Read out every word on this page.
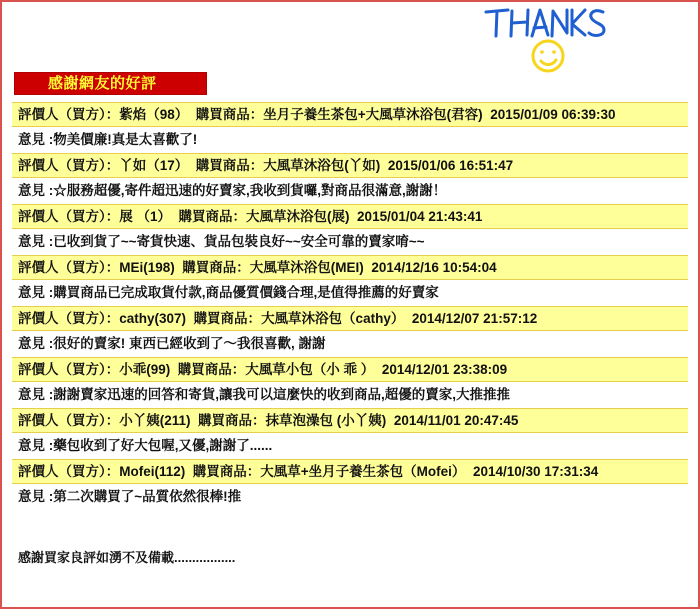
感謝網友的好評
評價人（買方）：紫焰（98） 購買商品：坐月子養生茶包+大風草沐浴包(君容) 2015/01/09 06:39:30
意見 :物美價廉!真是太喜歡了!
評價人（買方）：丫如（17） 購買商品：大風草沐浴包(丫如) 2015/01/06 16:51:47
意見 :☆服務超優,寄件超迅速的好賣家,我收到貨囉,對商品很滿意,謝謝！
評價人（買方）：展 （1） 購買商品：大風草沐浴包(展) 2015/01/04 21:43:41
意見 :已收到貨了~~寄貨快速、貨品包裝良好~~安全可靠的賣家唷~~
評價人（買方）：MEi(198) 購買商品：大風草沐浴包(MEI) 2014/12/16 10:54:04
意見 :購買商品已完成取貨付款,商品優質價錢合理,是值得推薦的好賣家
評價人（買方）：cathy(307) 購買商品：大風草沐浴包（cathy） 2014/12/07 21:57:12
意見 :很好的賣家! 東西已經收到了～我很喜歡, 謝謝
評價人（買方）：小乖(99) 購買商品：大風草小包（小 乖 ） 2014/12/01 23:38:09
意見 :謝謝賣家迅速的回答和寄貨,讓我可以這麼快的收到商品,超優的賣家,大推推推
評價人（買方）：小丫姨(211) 購買商品：抹草泡澡包 (小丫姨) 2014/11/01 20:47:45
意見 :藥包收到了好大包喔,又優,謝謝了......
評價人（買方）：Mofei(112) 購買商品：大風草+坐月子養生茶包（Mofei） 2014/10/30 17:31:34
意見 :第二次購買了~品質依然很棒!推
感謝買家良評如湧不及備載.................
